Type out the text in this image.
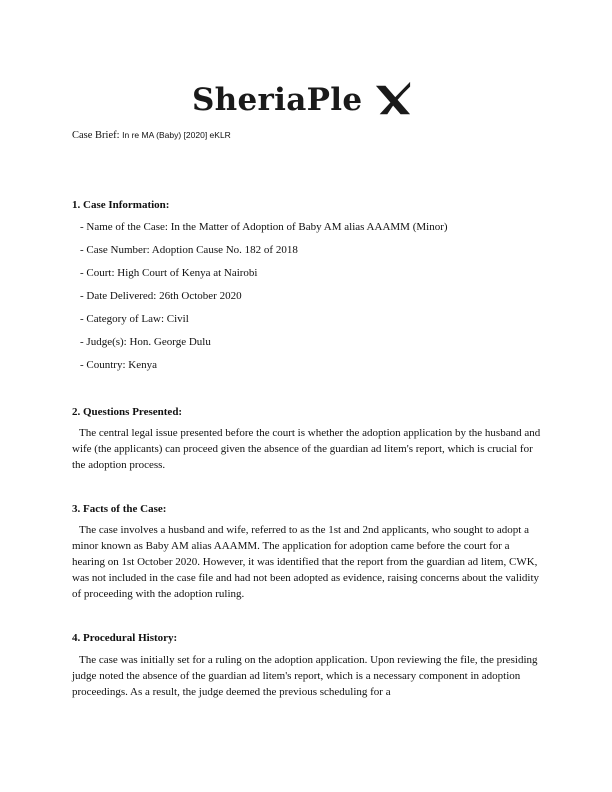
SheriaPle
Case Brief: In re MA (Baby) [2020] eKLR
1. Case Information:
- Name of the Case: In the Matter of Adoption of Baby AM alias AAAMM (Minor)
- Case Number: Adoption Cause No. 182 of 2018
- Court: High Court of Kenya at Nairobi
- Date Delivered: 26th October 2020
- Category of Law: Civil
- Judge(s): Hon. George Dulu
- Country: Kenya
2. Questions Presented:

The central legal issue presented before the court is whether the adoption application by the husband and wife (the applicants) can proceed given the absence of the guardian ad litem's report, which is crucial for the adoption process.

3. Facts of the Case:

The case involves a husband and wife, referred to as the 1st and 2nd applicants, who sought to adopt a minor known as Baby AM alias AAAMM. The application for adoption came before the court for a hearing on 1st October 2020. However, it was identified that the report from the guardian ad litem, CWK, was not included in the case file and had not been adopted as evidence, raising concerns about the validity of proceeding with the adoption ruling.

4. Procedural History:

The case was initially set for a ruling on the adoption application. Upon reviewing the file, the presiding judge noted the absence of the guardian ad litem's report, which is a necessary component in adoption proceedings. As a result, the judge deemed the previous scheduling for a
